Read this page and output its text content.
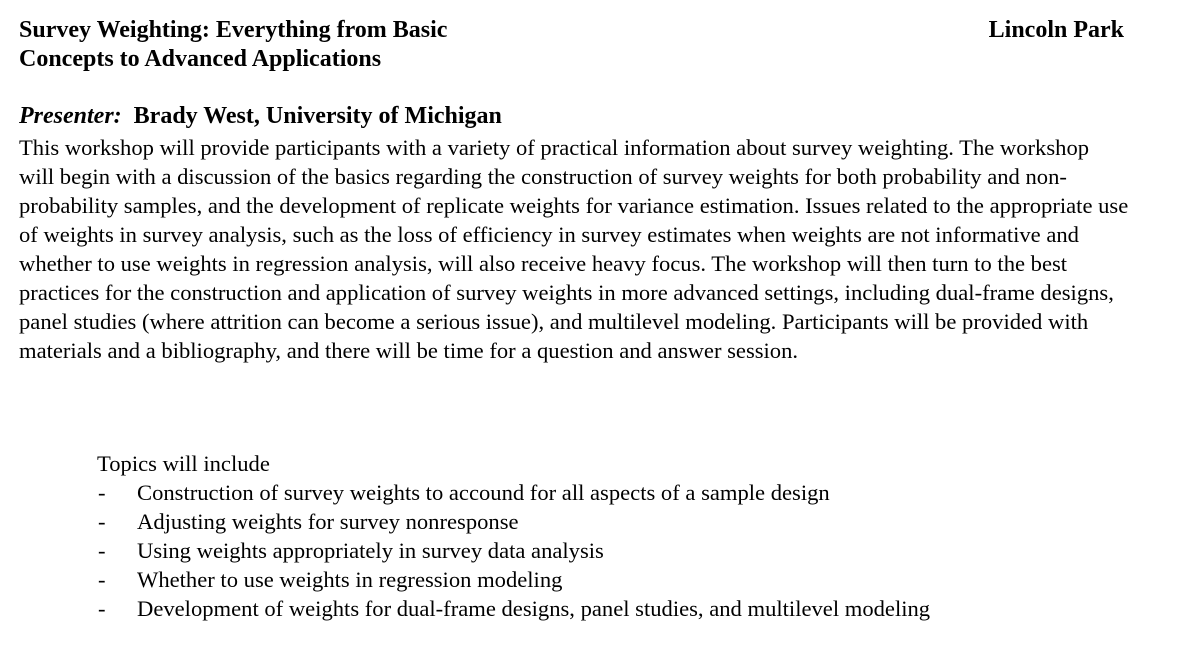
Survey Weighting: Everything from Basic
Concepts to Advanced Applications
Lincoln Park
Presenter: Brady West, University of Michigan

This workshop will provide participants with a variety of practical information about survey weighting. The workshop will begin with a discussion of the basics regarding the construction of survey weights for both probability and non-probability samples, and the development of replicate weights for variance estimation. Issues related to the appropriate use of weights in survey analysis, such as the loss of efficiency in survey estimates when weights are not informative and whether to use weights in regression analysis, will also receive heavy focus. The workshop will then turn to the best practices for the construction and application of survey weights in more advanced settings, including dual-frame designs, panel studies (where attrition can become a serious issue), and multilevel modeling. Participants will be provided with materials and a bibliography, and there will be time for a question and answer session.

Topics will include

- Construction of survey weights to accound for all aspects of a sample design
- Adjusting weights for survey nonresponse
- Using weights appropriately in survey data analysis
- Whether to use weights in regression modeling
- Development of weights for dual-frame designs, panel studies, and multilevel modeling
